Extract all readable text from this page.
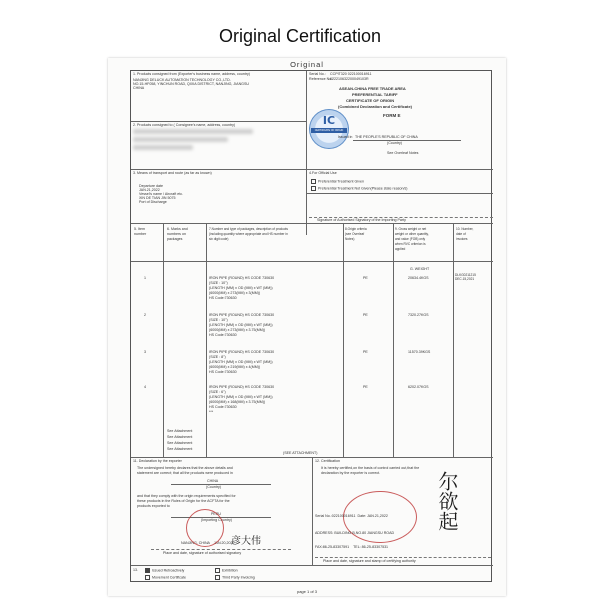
Original Certification
Original
1. Products consigned from (Exporter's business name, address, country)
NANJING DELUCK AUTOMATION TECHNOLOGY CO.,LTD.
NO.15-HF058, YINCHUN ROAD, QIXIA DISTRICT, NANJING, JIANGSU
CHINA
Serial No.: CCPIT320 022100016911
Reference No.:
022210632200049103R
ASEAN-CHINA FREE TRADE AREA
PREFERENTIAL TARIFF
CERTIFICATE OF ORIGIN
(Combined Declaration and Certificate)
FORM E
IC
CERTIFICATE OF ORIGIN
Issued in THE PEOPLE'S REPUBLIC OF CHINA
(Country)
See Overleaf Notes
2. Products consigned to ( Consignee's name, address, country)
3. Means of transport and route (as far as known)
Departure date
JAN.21,2022
Vessel's name / Aircraft etc.
XIN DE TIAN JIN 5075
Port of Discharge
4.For Official Use
Preferential Treatment Given
Preferential Treatment Not Given(Please state reason/s)
Signature of Authorised Signatory of the Importing Party
5. Item
number
6. Marks and
numbers on
packages
7.Number and type of packages, description of products
(including quantity where appropriate and HS number in
six digit code)
8.Origin criteria
(see Overleaf
Notes)
9. Gross weight or net
weight or other quantity,
and value (FOB) only
when RVC criterion is
applied
10. Number,
date of
invoices
G. WEIGHT
DLKG0211215
DEC.15,2021
1	IRON PIPE (ROUND) HS CODE 730630
(SIZE : 10")
(LENGTH (MM) x OD (MM) x WT (MM))
(6000(MM) x 273(MM) x 3(MM))
HS Code:730630
PE	20634.4KGS
2	IRON PIPE (ROUND) HS CODE 730630
(SIZE : 10")
(LENGTH (MM) x OD (MM) x WT (MM))
(6000(MM) x 273(MM) x 3.75(MM))
HS Code:730630
PE	7320.27KGS
3	IRON PIPE (ROUND) HS CODE 730630
(SIZE : 8")
(LENGTH (MM) x OD (MM) x WT (MM))
(6000(MM) x 219(MM) x 4(MM))
HS Code:730630
PE	11570.39KGS
4	IRON PIPE (ROUND) HS CODE 730630
(SIZE : 6")
(LENGTH (MM) x OD (MM) x WT (MM))
(6000(MM) x 168(MM) x 3.75(MM))
HS Code:730630
***
PE	6202.07KGS
See Attachment
See Attachment
See Attachment
See Attachment
(SEE ATTACHMENT)
11. Declaration by the exporter
The undersigned hereby declares that the above details and
statement are correct; that all the products were produced in
CHINA
(Country)
and that they comply with the origin requirements specified for
these products in the Rules of Origin for the ACFTA for the
products exported to
PERU
(Importing Country)
NANJING, CHINA    JAN.20,2022
彦大伟
Place and date, signature of authorised signatory
12. Certification
It is hereby certified,on the basis of control carried out,that the
declaration by the exporter is correct.
Serial No.:022100016911  Date: JAN.21,2022
ADDRESS: BUILDING B,NO.80 JIANGSU ROAD
FAX:86-25-83307591    TEL: 86-25-83307531
尔欲起
Place and date, signature and stamp of certifying authority
13.	Issued Retroactively	Exhibition
Movement Certificate	Third Party Invoicing
page 1 of 3
